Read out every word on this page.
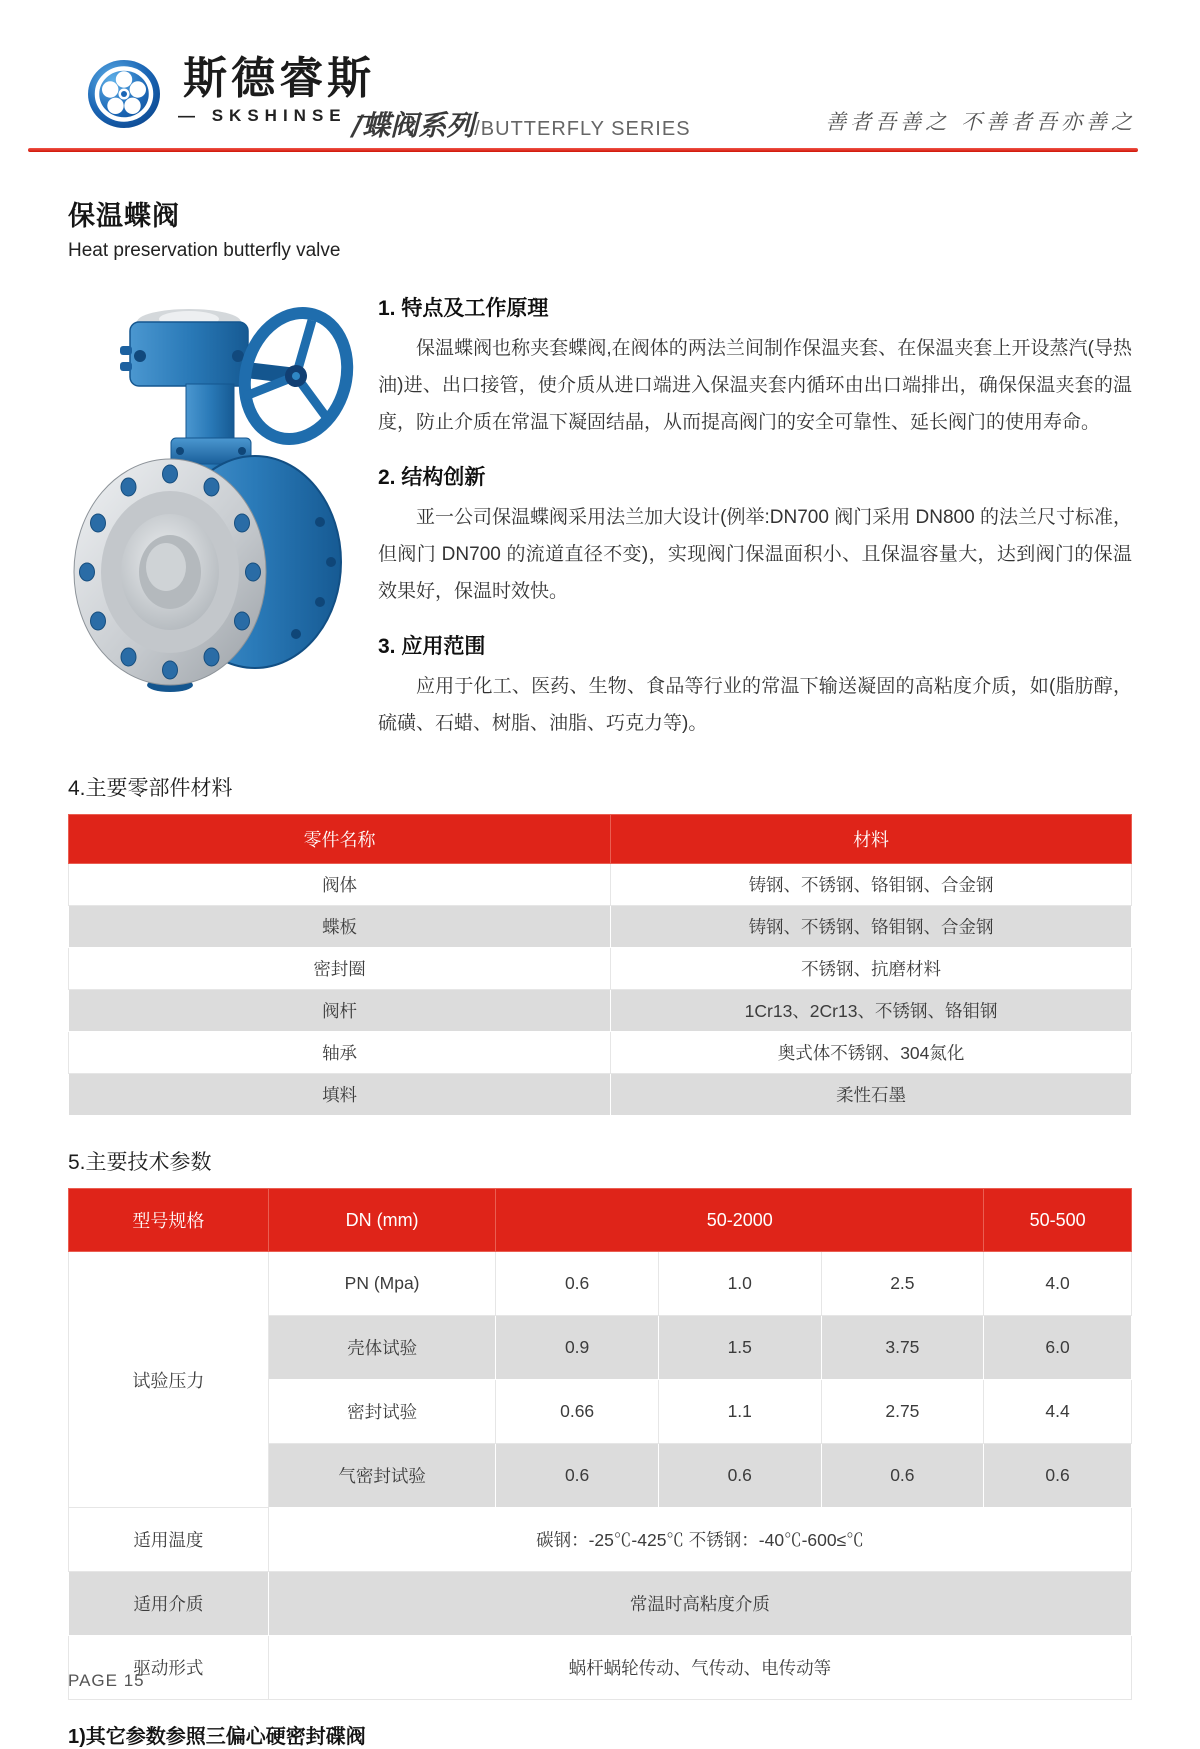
斯德睿斯
— SKSHINSE —
/蝶阀系列/BUTTERFLY SERIES	善者吾善之 不善者吾亦善之
保温蝶阀
Heat preservation butterfly valve
1. 特点及工作原理

保温蝶阀也称夹套蝶阀,在阀体的两法兰间制作保温夹套、在保温夹套上开设蒸汽(导热油)进、出口接管，使介质从进口端进入保温夹套内循环由出口端排出，确保保温夹套的温度，防止介质在常温下凝固结晶，从而提高阀门的安全可靠性、延长阀门的使用寿命。

2. 结构创新

亚一公司保温蝶阀采用法兰加大设计(例举:DN700 阀门采用 DN800 的法兰尺寸标准，但阀门 DN700 的流道直径不变)，实现阀门保温面积小、且保温容量大，达到阀门的保温效果好，保温时效快。

3. 应用范围

应用于化工、医药、生物、食品等行业的常温下输送凝固的高粘度介质，如(脂肪醇，硫磺、石蜡、树脂、油脂、巧克力等)。

4.主要零部件材料
零件名称	材料
阀体	铸钢、不锈钢、铬钼钢、合金钢
蝶板	铸钢、不锈钢、铬钼钢、合金钢
密封圈	不锈钢、抗磨材料
阀杆	1Cr13、2Cr13、不锈钢、铬钼钢
轴承	奥式体不锈钢、304氮化
填料	柔性石墨
5.主要技术参数
型号规格	DN (mm)	50-2000			50-500
试验压力	PN (Mpa)	0.6	1.0	2.5	4.0
	壳体试验	0.9	1.5	3.75	6.0
	密封试验	0.66	1.1	2.75	4.4
	气密封试验	0.6	0.6	0.6	0.6
适用温度	碳钢：-25℃-425℃ 不锈钢：-40℃-600≤℃				
适用介质	常温时高粘度介质				
驱动形式	蜗杆蜗轮传动、气传动、电传动等				
1)其它参数参照三偏心硬密封碟阀
PAGE 15
